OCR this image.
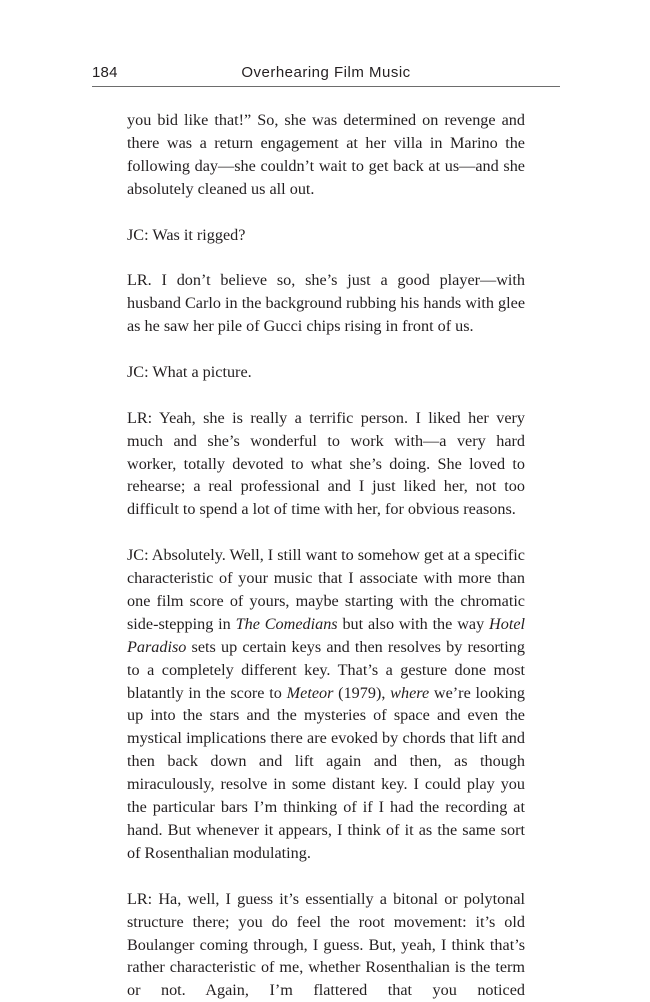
184	Overhearing Film Music

you bid like that!” So, she was determined on revenge and there was a return engagement at her villa in Marino the following day—she couldn’t wait to get back at us—and she absolutely cleaned us all out.

JC: Was it rigged?

LR. I don’t believe so, she’s just a good player—with husband Carlo in the background rubbing his hands with glee as he saw her pile of Gucci chips rising in front of us.

JC: What a picture.

LR: Yeah, she is really a terrific person. I liked her very much and she’s wonderful to work with—a very hard worker, totally devoted to what she’s doing. She loved to rehearse; a real professional and I just liked her, not too difficult to spend a lot of time with her, for obvious reasons.

JC: Absolutely. Well, I still want to somehow get at a specific characteristic of your music that I associate with more than one film score of yours, maybe starting with the chromatic side-stepping in The Comedians but also with the way Hotel Paradiso sets up certain keys and then resolves by resorting to a completely different key. That’s a gesture done most blatantly in the score to Meteor (1979), where we’re looking up into the stars and the mysteries of space and even the mystical implications there are evoked by chords that lift and then back down and lift again and then, as though miraculously, resolve in some distant key. I could play you the particular bars I’m thinking of if I had the recording at hand. But whenever it appears, I think of it as the same sort of Rosenthalian modulating.

LR: Ha, well, I guess it’s essentially a bitonal or polytonal structure there; you do feel the root movement: it’s old Boulanger coming through, I guess. But, yeah, I think that’s rather characteristic of me, whether Rosenthalian is the term or not. Again, I’m flattered that you noticed
